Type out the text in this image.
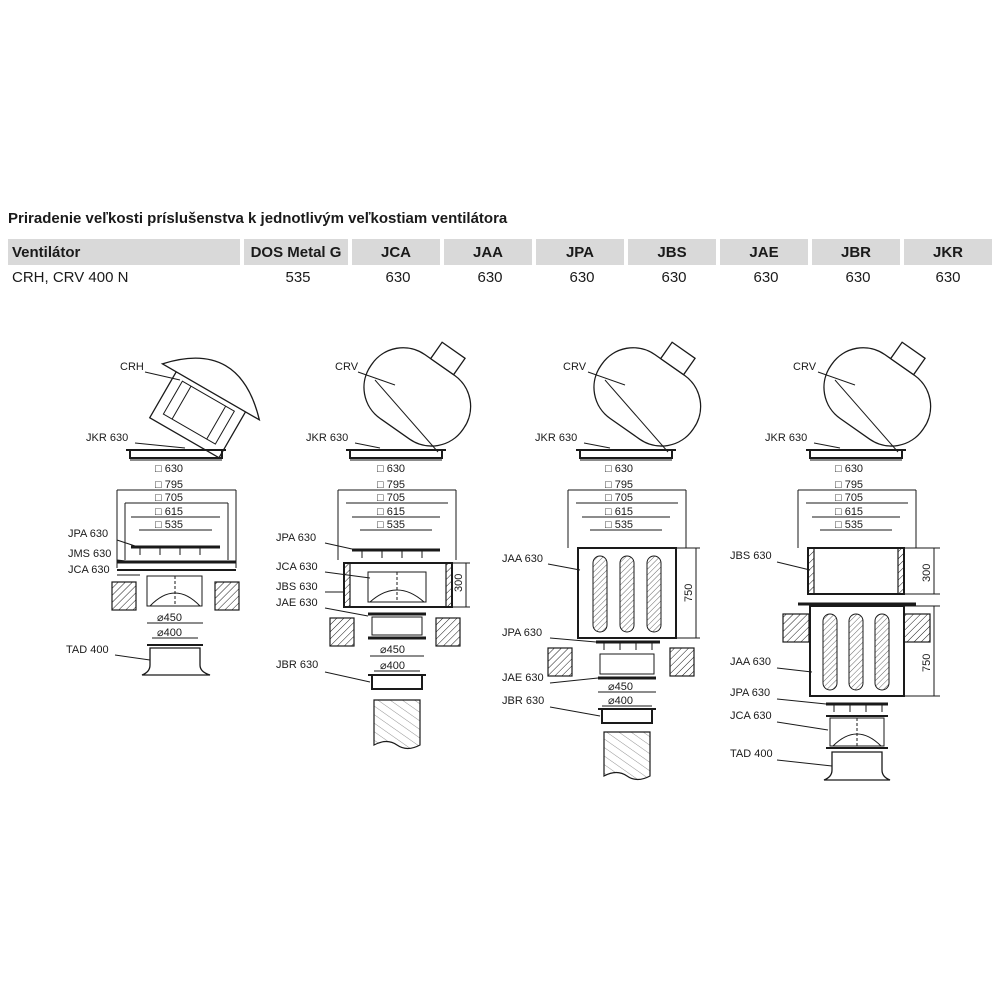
Priradenie veľkosti príslušenstva k jednotlivým veľkostiam ventilátora
Ventilátor	DOS Metal G	JCA	JAA	JPA	JBS	JAE	JBR	JKR
CRH, CRV 400 N	535	630	630	630	630	630	630	630
CRH
JKR 630
□ 630
□ 795
□ 705
□ 615
□ 535
JPA 630
JMS 630
JCA 630
⌀450
⌀400
TAD 400
CRV
JKR 630
□ 630
□ 795
□ 705
□ 615
□ 535
JPA 630
300
JCA 630
JBS 630
JAE 630
⌀450
⌀400
JBR 630
CRV
JKR 630
□ 630
□ 795
□ 705
□ 615
□ 535
750
JAA 630
JPA 630
JAE 630
⌀450
⌀400
JBR 630
CRV
JKR 630
□ 630
□ 795
□ 705
□ 615
□ 535
300
JBS 630
750
JAA 630
JPA 630
JCA 630
TAD 400
